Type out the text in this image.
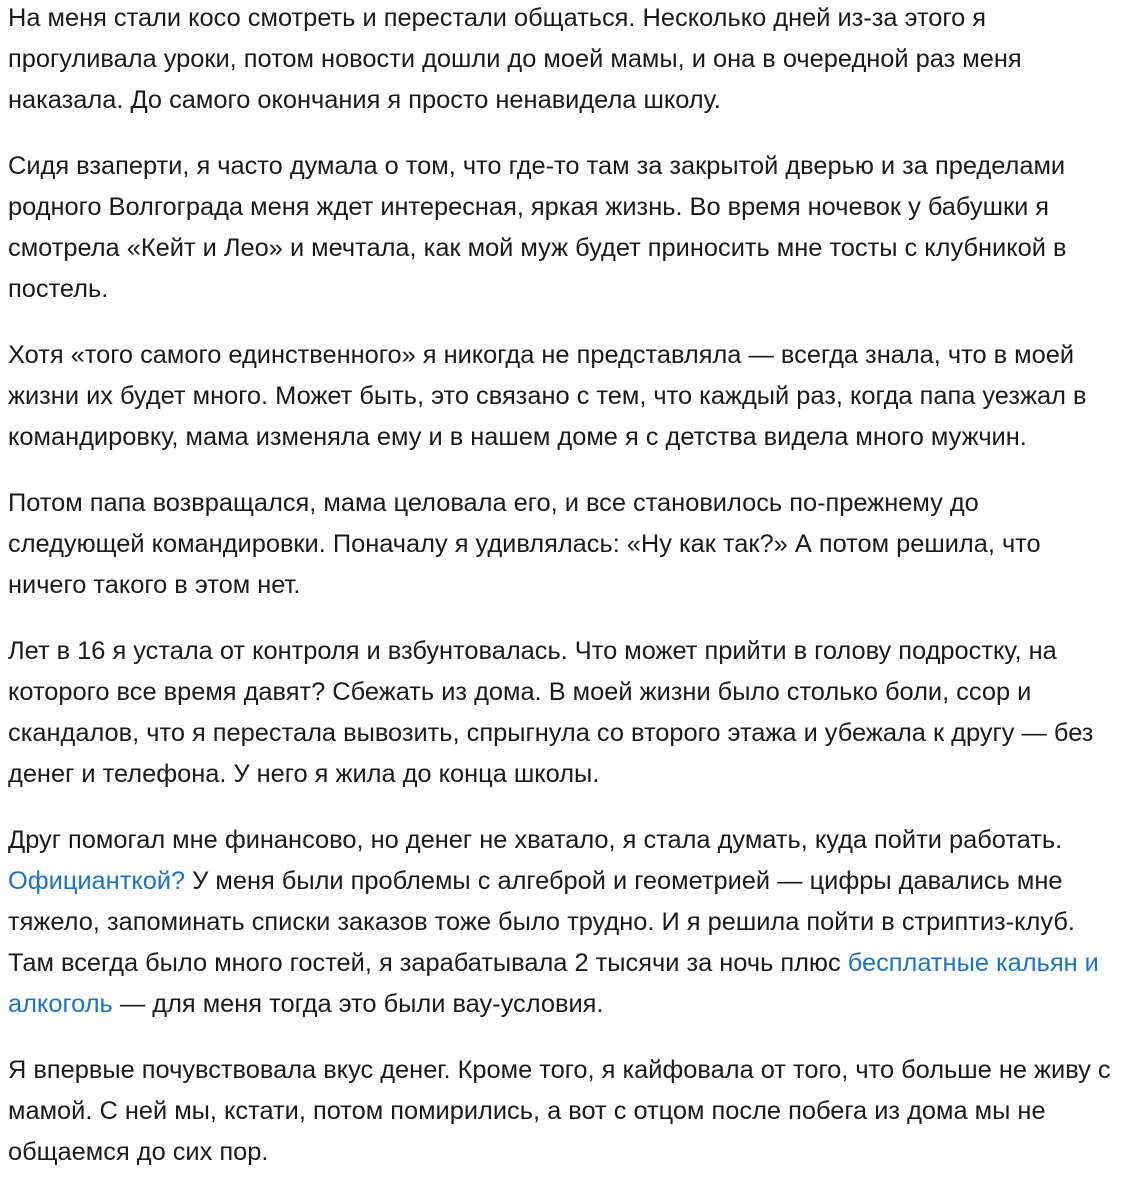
На меня стали косо смотреть и перестали общаться. Несколько дней из-за этого я прогуливала уроки, потом новости дошли до моей мамы, и она в очередной раз меня наказала. До самого окончания я просто ненавидела школу.

Сидя взаперти, я часто думала о том, что где-то там за закрытой дверью и за пределами родного Волгограда меня ждет интересная, яркая жизнь. Во время ночевок у бабушки я смотрела «Кейт и Лео» и мечтала, как мой муж будет приносить мне тосты с клубникой в постель.

Хотя «того самого единственного» я никогда не представляла — всегда знала, что в моей жизни их будет много. Может быть, это связано с тем, что каждый раз, когда папа уезжал в командировку, мама изменяла ему и в нашем доме я с детства видела много мужчин.

Потом папа возвращался, мама целовала его, и все становилось по-прежнему до следующей командировки. Поначалу я удивлялась: «Ну как так?» А потом решила, что ничего такого в этом нет.

Лет в 16 я устала от контроля и взбунтовалась. Что может прийти в голову подростку, на которого все время давят? Сбежать из дома. В моей жизни было столько боли, ссор и скандалов, что я перестала вывозить, спрыгнула со второго этажа и убежала к другу — без денег и телефона. У него я жила до конца школы.

Друг помогал мне финансово, но денег не хватало, я стала думать, куда пойти работать. Официанткой? У меня были проблемы с алгеброй и геометрией — цифры давались мне тяжело, запоминать списки заказов тоже было трудно. И я решила пойти в стриптиз-клуб. Там всегда было много гостей, я зарабатывала 2 тысячи за ночь плюс бесплатные кальян и алкоголь — для меня тогда это были вау-условия.

Я впервые почувствовала вкус денег. Кроме того, я кайфовала от того, что больше не живу с мамой. С ней мы, кстати, потом помирились, а вот с отцом после побега из дома мы не общаемся до сих пор.
